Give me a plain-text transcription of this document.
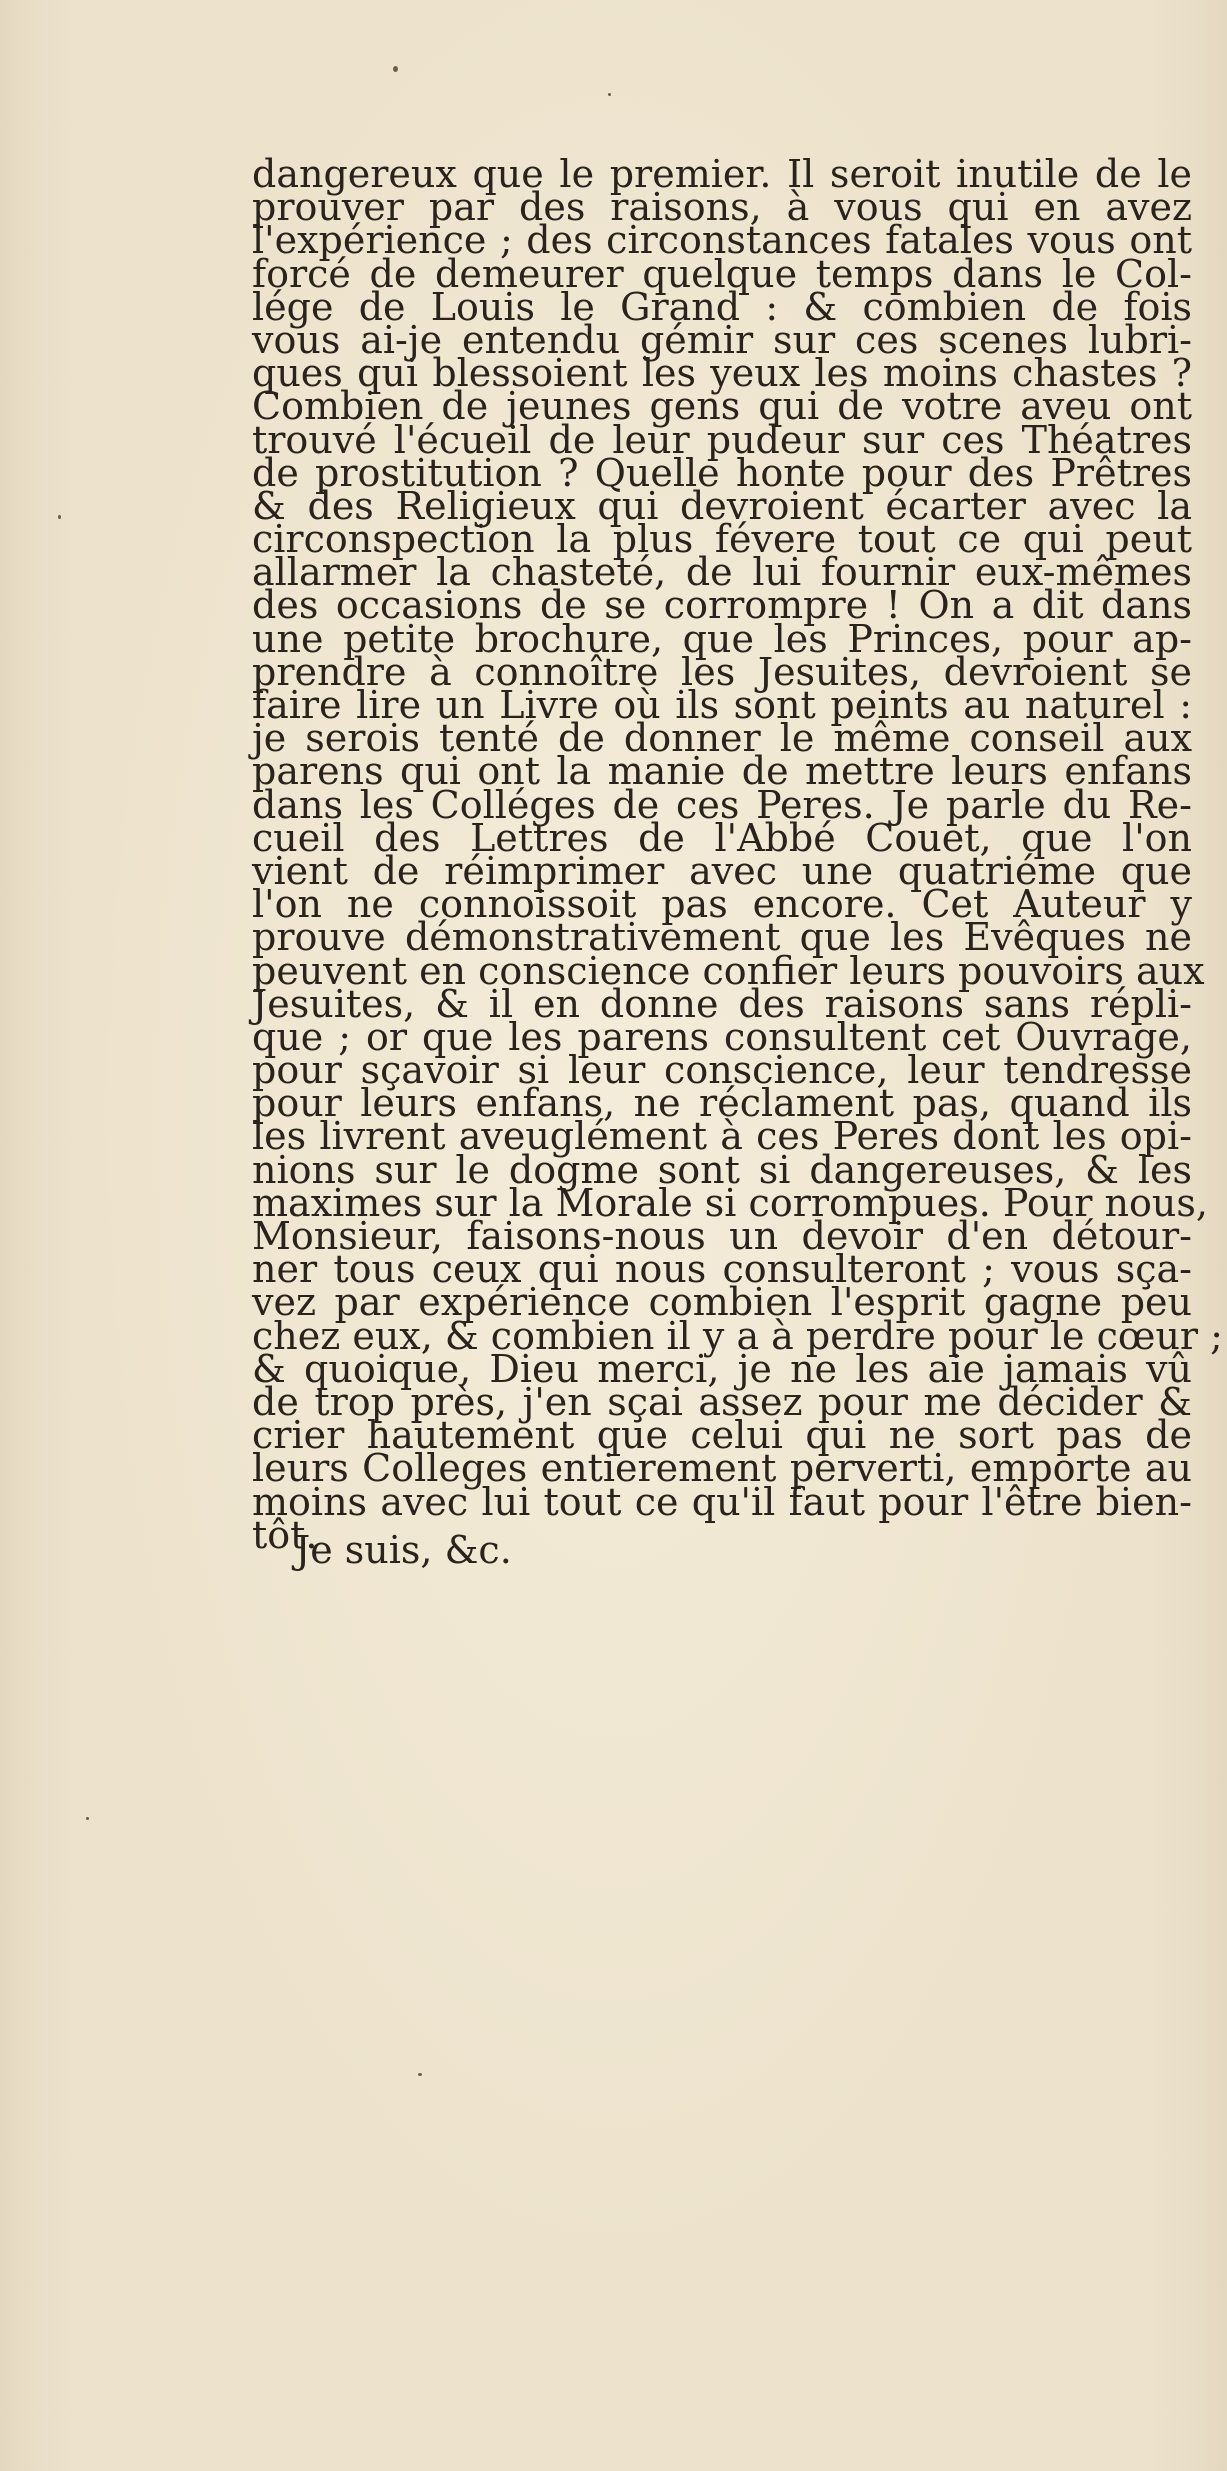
dangereux que le premier. Il seroit inutile de le
prouver par des raisons, à vous qui en avez
l'expérience ; des circonstances fatales vous ont
forcé de demeurer quelque temps dans le Col-
lége de Louis le Grand : & combien de fois
vous ai-je entendu gémir sur ces scenes lubri-
ques qui blessoient les yeux les moins chastes ?
Combien de jeunes gens qui de votre aveu ont
trouvé l'écueil de leur pudeur sur ces Théatres
de prostitution ? Quelle honte pour des Prêtres
& des Religieux qui devroient écarter avec la
circonspection la plus févere tout ce qui peut
allarmer la chasteté, de lui fournir eux-mêmes
des occasions de se corrompre ! On a dit dans
une petite brochure, que les Princes, pour ap-
prendre à connoître les Jesuites, devroient se
faire lire un Livre où ils sont peints au naturel :
je serois tenté de donner le même conseil aux
parens qui ont la manie de mettre leurs enfans
dans les Colléges de ces Peres. Je parle du Re-
cueil des Lettres de l'Abbé Couet, que l'on
vient de réimprimer avec une quatriéme que
l'on ne connoissoit pas encore. Cet Auteur y
prouve démonstrativement que les Evêques ne
peuvent en conscience confier leurs pouvoirs aux
Jesuites, & il en donne des raisons sans répli-
que ; or que les parens consultent cet Ouvrage,
pour sçavoir si leur conscience, leur tendresse
pour leurs enfans, ne réclament pas, quand ils
les livrent aveuglément à ces Peres dont les opi-
nions sur le dogme sont si dangereuses, & les
maximes sur la Morale si corrompues. Pour nous,
Monsieur, faisons-nous un devoir d'en détour-
ner tous ceux qui nous consulteront ; vous sça-
vez par expérience combien l'esprit gagne peu
chez eux, & combien il y a à perdre pour le cœur ;
& quoique, Dieu merci, je ne les aie jamais vû
de trop près, j'en sçai assez pour me décider &
crier hautement que celui qui ne sort pas de
leurs Colleges entierement perverti, emporte au
moins avec lui tout ce qu'il faut pour l'être bien-
tôt.
Je suis, &c.
